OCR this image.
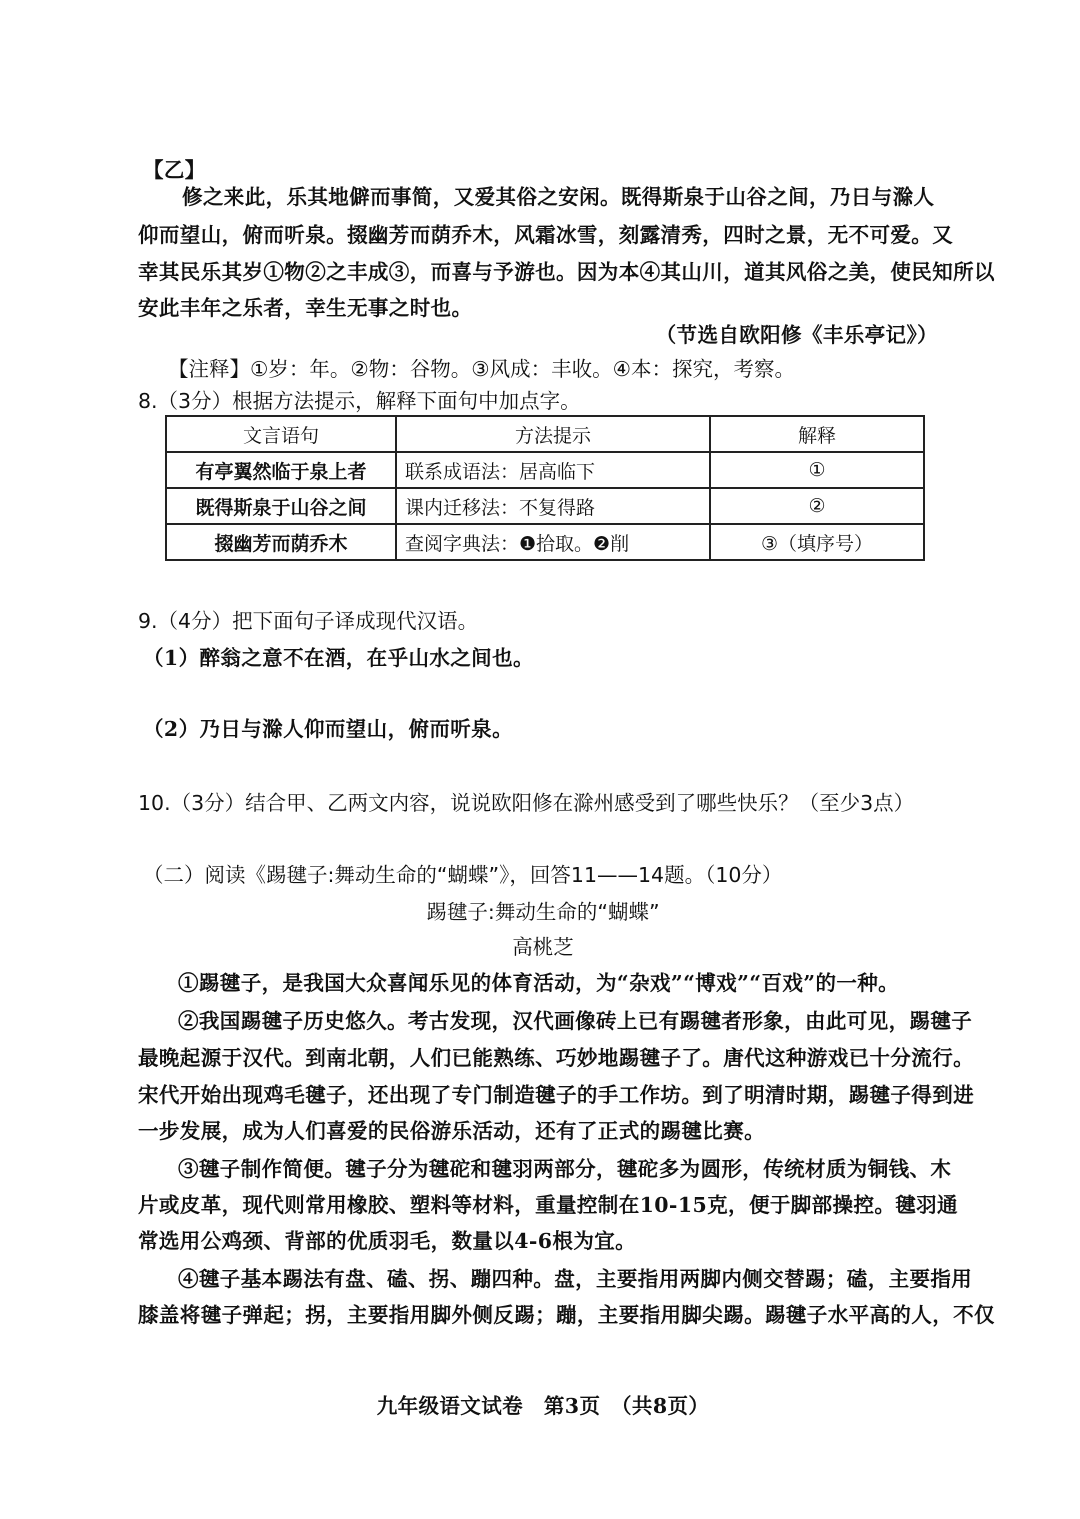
【乙】
修之来此，乐其地僻而事简，又爱其俗之安闲。既得斯泉于山谷之间，乃日与滁人
仰而望山，俯而听泉。掇幽芳而荫乔木，风霜冰雪，刻露清秀，四时之景，无不可爱。又
幸其民乐其岁①物②之丰成③，而喜与予游也。因为本④其山川，道其风俗之美，使民知所以
安此丰年之乐者，幸生无事之时也。
（节选自欧阳修《丰乐亭记》）
【注释】①岁：年。②物：谷物。③风成：丰收。④本：探究，考察。
8.（3分）根据方法提示，解释下面句中加点字。
文言语句	方法提示	解释
有亭翼然临于泉上者	联系成语法：居高临下	①
既得斯泉于山谷之间	课内迁移法：不复得路	②
掇幽芳而荫乔木	查阅字典法：❶拾取。❷削	③（填序号）
9.（4分）把下面句子译成现代汉语。
（1）醉翁之意不在酒，在乎山水之间也。
（2）乃日与滁人仰而望山，俯而听泉。
10.（3分）结合甲、乙两文内容，说说欧阳修在滁州感受到了哪些快乐？（至少3点）
（二）阅读《踢毽子:舞动生命的“蝴蝶”》，回答11——14题。（10分）
踢毽子:舞动生命的“蝴蝶”
高桃芝
①踢毽子，是我国大众喜闻乐见的体育活动，为“杂戏”“博戏”“百戏”的一种。
②我国踢毽子历史悠久。考古发现，汉代画像砖上已有踢毽者形象，由此可见，踢毽子
最晚起源于汉代。到南北朝，人们已能熟练、巧妙地踢毽子了。唐代这种游戏已十分流行。
宋代开始出现鸡毛毽子，还出现了专门制造毽子的手工作坊。到了明清时期，踢毽子得到进
一步发展，成为人们喜爱的民俗游乐活动，还有了正式的踢毽比赛。
③毽子制作简便。毽子分为毽砣和毽羽两部分，毽砣多为圆形，传统材质为铜钱、木
片或皮革，现代则常用橡胶、塑料等材料，重量控制在10-15克，便于脚部操控。毽羽通
常选用公鸡颈、背部的优质羽毛，数量以4-6根为宜。
④毽子基本踢法有盘、磕、拐、蹦四种。盘，主要指用两脚内侧交替踢；磕，主要指用
膝盖将毽子弹起；拐，主要指用脚外侧反踢；蹦，主要指用脚尖踢。踢毽子水平高的人，不仅
九年级语文试卷　第3页　（共8页）
